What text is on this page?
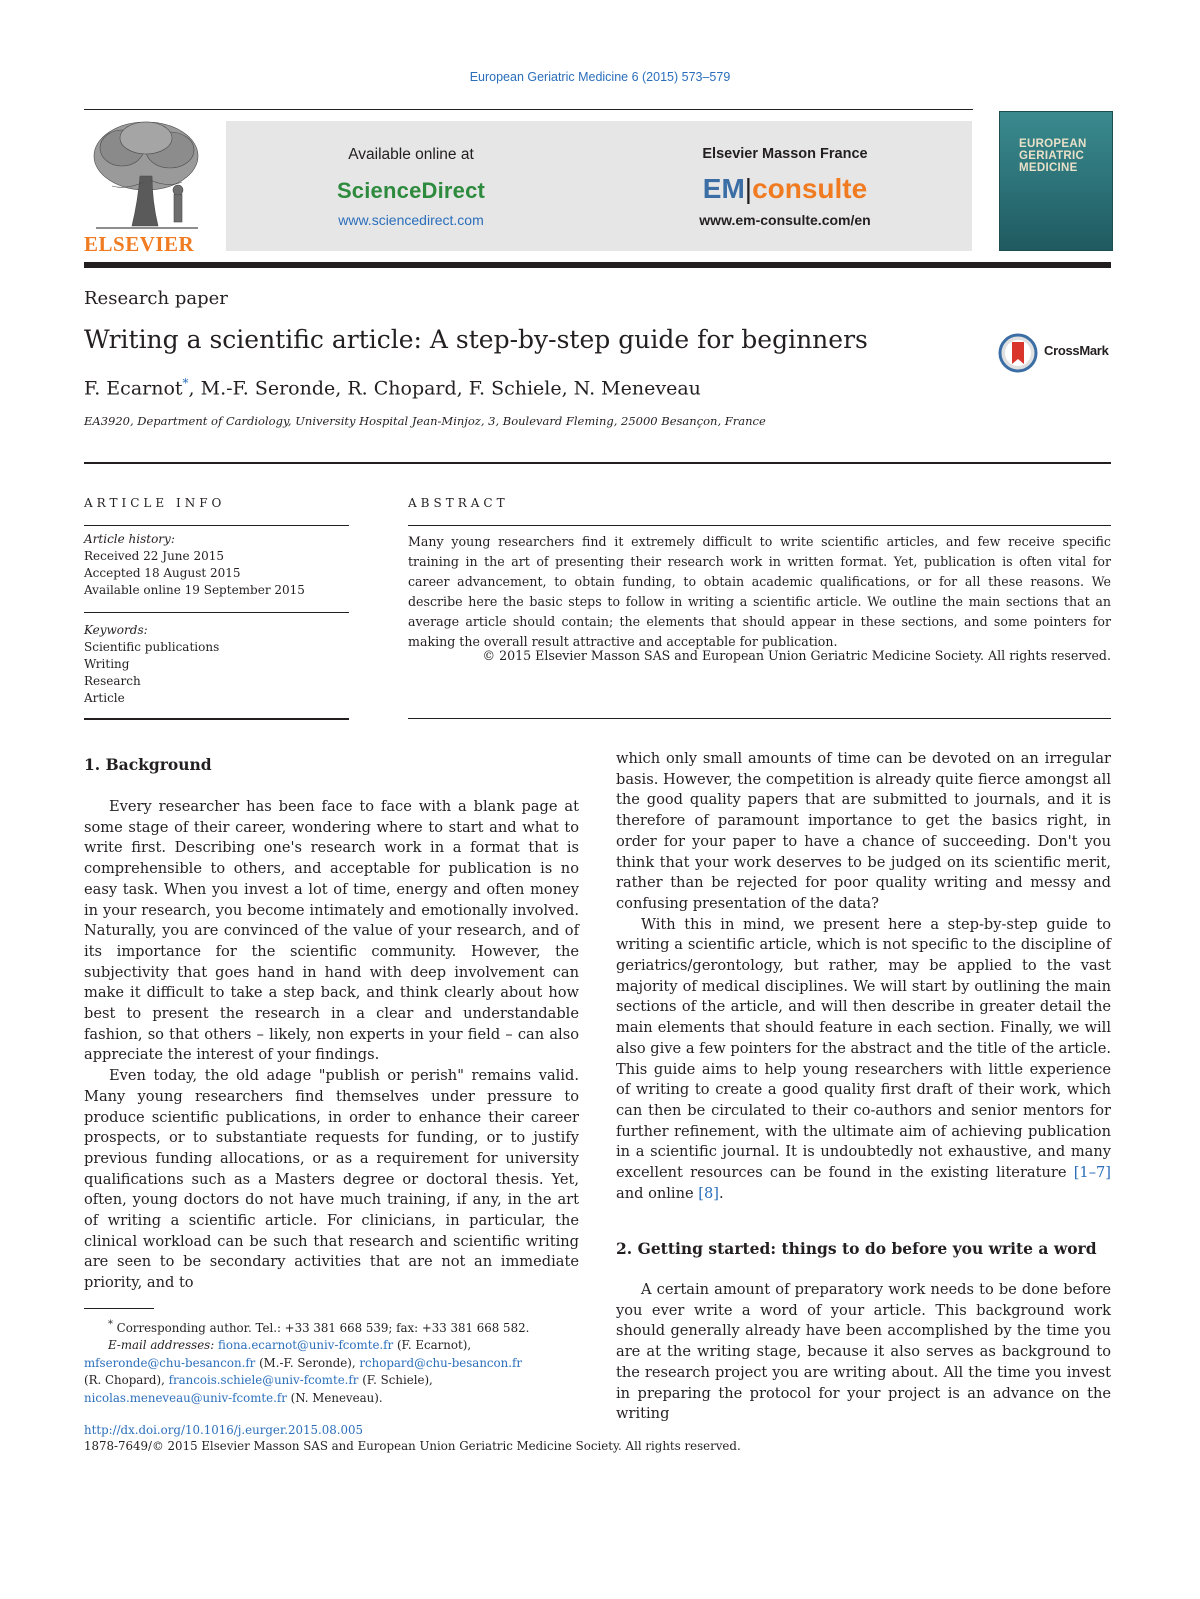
European Geriatric Medicine 6 (2015) 573–579
ELSEVIER
Available online at
ScienceDirect
www.sciencedirect.com
Elsevier Masson France
EM|consulte
www.em-consulte.com/en
EUROPEAN GERIATRIC MEDICINE
Research paper
Writing a scientific article: A step-by-step guide for beginners	CrossMark
F. Ecarnot*, M.-F. Seronde, R. Chopard, F. Schiele, N. Meneveau
EA3920, Department of Cardiology, University Hospital Jean-Minjoz, 3, Boulevard Fleming, 25000 Besançon, France
ARTICLE INFO	ABSTRACT
Article history:
Received 22 June 2015
Accepted 18 August 2015
Available online 19 September 2015
Keywords:
Scientific publications
Writing
Research
Article
Many young researchers find it extremely difficult to write scientific articles, and few receive specific training in the art of presenting their research work in written format. Yet, publication is often vital for career advancement, to obtain funding, to obtain academic qualifications, or for all these reasons. We describe here the basic steps to follow in writing a scientific article. We outline the main sections that an average article should contain; the elements that should appear in these sections, and some pointers for making the overall result attractive and acceptable for publication.
© 2015 Elsevier Masson SAS and European Union Geriatric Medicine Society. All rights reserved.
1. Background

Every researcher has been face to face with a blank page at some stage of their career, wondering where to start and what to write first. Describing one's research work in a format that is comprehensible to others, and acceptable for publication is no easy task. When you invest a lot of time, energy and often money in your research, you become intimately and emotionally involved. Naturally, you are convinced of the value of your research, and of its importance for the scientific community. However, the subjectivity that goes hand in hand with deep involvement can make it difficult to take a step back, and think clearly about how best to present the research in a clear and understandable fashion, so that others – likely, non experts in your field – can also appreciate the interest of your findings.

Even today, the old adage "publish or perish" remains valid. Many young researchers find themselves under pressure to produce scientific publications, in order to enhance their career prospects, or to substantiate requests for funding, or to justify previous funding allocations, or as a requirement for university qualifications such as a Masters degree or doctoral thesis. Yet, often, young doctors do not have much training, if any, in the art of writing a scientific article. For clinicians, in particular, the clinical workload can be such that research and scientific writing are seen to be secondary activities that are not an immediate priority, and to

which only small amounts of time can be devoted on an irregular basis. However, the competition is already quite fierce amongst all the good quality papers that are submitted to journals, and it is therefore of paramount importance to get the basics right, in order for your paper to have a chance of succeeding. Don't you think that your work deserves to be judged on its scientific merit, rather than be rejected for poor quality writing and messy and confusing presentation of the data?

With this in mind, we present here a step-by-step guide to writing a scientific article, which is not specific to the discipline of geriatrics/gerontology, but rather, may be applied to the vast majority of medical disciplines. We will start by outlining the main sections of the article, and will then describe in greater detail the main elements that should feature in each section. Finally, we will also give a few pointers for the abstract and the title of the article. This guide aims to help young researchers with little experience of writing to create a good quality first draft of their work, which can then be circulated to their co-authors and senior mentors for further refinement, with the ultimate aim of achieving publication in a scientific journal. It is undoubtedly not exhaustive, and many excellent resources can be found in the existing literature [1–7] and online [8].

2. Getting started: things to do before you write a word

A certain amount of preparatory work needs to be done before you ever write a word of your article. This background work should generally already have been accomplished by the time you are at the writing stage, because it also serves as background to the research project you are writing about. All the time you invest in preparing the protocol for your project is an advance on the writing

* Corresponding author. Tel.: +33 381 668 539; fax: +33 381 668 582.
E-mail addresses: fiona.ecarnot@univ-fcomte.fr (F. Ecarnot),
mfseronde@chu-besancon.fr (M.-F. Seronde), rchopard@chu-besancon.fr
(R. Chopard), francois.schiele@univ-fcomte.fr (F. Schiele),
nicolas.meneveau@univ-fcomte.fr (N. Meneveau).
http://dx.doi.org/10.1016/j.eurger.2015.08.005
1878-7649/© 2015 Elsevier Masson SAS and European Union Geriatric Medicine Society. All rights reserved.
